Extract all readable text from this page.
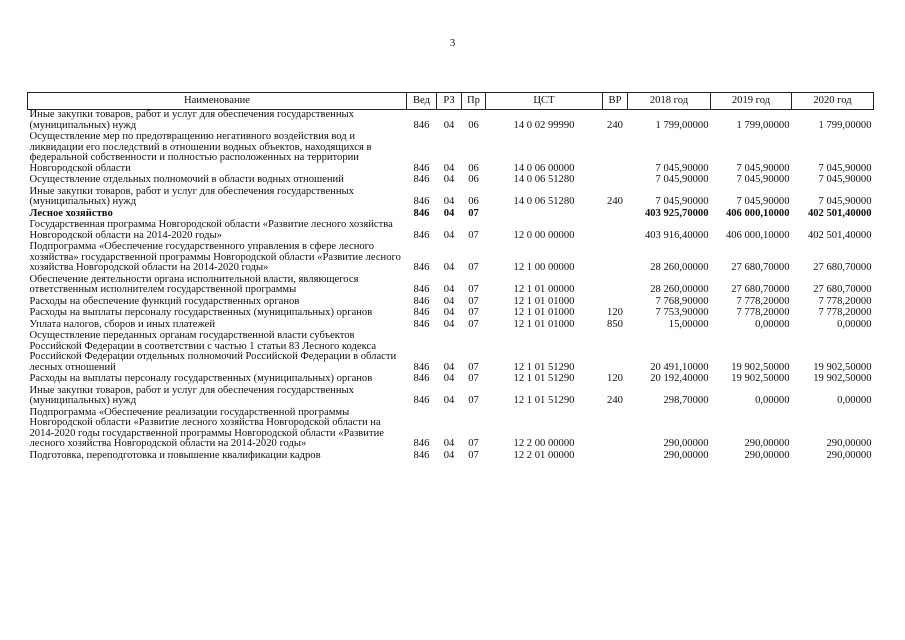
3
Наименование	Вед	РЗ	Пр	ЦСТ	ВР	2018 год	2019 год	2020 год
Иные закупки товаров, работ и услуг для обеспечения государственных (муниципальных) нужд	846	04	06	14 0 02 99990	240	1 799,00000	1 799,00000	1 799,00000
Осуществление мер по предотвращению негативного воздействия вод и ликвидации его последствий в отношении водных объектов, находящихся в федеральной собственности и полностью расположенных на территории Новгородской области	846	04	06	14 0 06 00000		7 045,90000	7 045,90000	7 045,90000
Осуществление отдельных полномочий в области водных отношений	846	04	06	14 0 06 51280		7 045,90000	7 045,90000	7 045,90000
Иные закупки товаров, работ и услуг для обеспечения государственных (муниципальных) нужд	846	04	06	14 0 06 51280	240	7 045,90000	7 045,90000	7 045,90000
Лесное хозяйство	846	04	07			403 925,70000	406 000,10000	402 501,40000
Государственная программа Новгородской области «Развитие лесного хозяйства Новгородской области на 2014-2020 годы»	846	04	07	12 0 00 00000		403 916,40000	406 000,10000	402 501,40000
Подпрограмма «Обеспечение государственного управления в сфере лесного хозяйства» государственной программы Новгородской области «Развитие лесного хозяйства Новгородской области на 2014-2020 годы»	846	04	07	12 1 00 00000		28 260,00000	27 680,70000	27 680,70000
Обеспечение деятельности органа исполнительной власти, являющегося ответственным исполнителем государственной программы	846	04	07	12 1 01 00000		28 260,00000	27 680,70000	27 680,70000
Расходы на обеспечение функций государственных органов	846	04	07	12 1 01 01000		7 768,90000	7 778,20000	7 778,20000
Расходы на выплаты персоналу государственных (муниципальных) органов	846	04	07	12 1 01 01000	120	7 753,90000	7 778,20000	7 778,20000
Уплата налогов, сборов и иных платежей	846	04	07	12 1 01 01000	850	15,00000	0,00000	0,00000
Осуществление переданных органам государственной власти субъектов Российской Федерации в соответствии с частью 1 статьи 83 Лесного кодекса Российской Федерации отдельных полномочий Российской Федерации в области лесных отношений	846	04	07	12 1 01 51290		20 491,10000	19 902,50000	19 902,50000
Расходы на выплаты персоналу государственных (муниципальных) органов	846	04	07	12 1 01 51290	120	20 192,40000	19 902,50000	19 902,50000
Иные закупки товаров, работ и услуг для обеспечения государственных (муниципальных) нужд	846	04	07	12 1 01 51290	240	298,70000	0,00000	0,00000
Подпрограмма «Обеспечение реализации государственной программы Новгородской области «Развитие лесного хозяйства Новгородской области на 2014-2020 годы государственной программы Новгородской области «Развитие лесного хозяйства Новгородской области на 2014-2020 годы»	846	04	07	12 2 00 00000		290,00000	290,00000	290,00000
Подготовка, переподготовка и повышение квалификации кадров	846	04	07	12 2 01 00000		290,00000	290,00000	290,00000
